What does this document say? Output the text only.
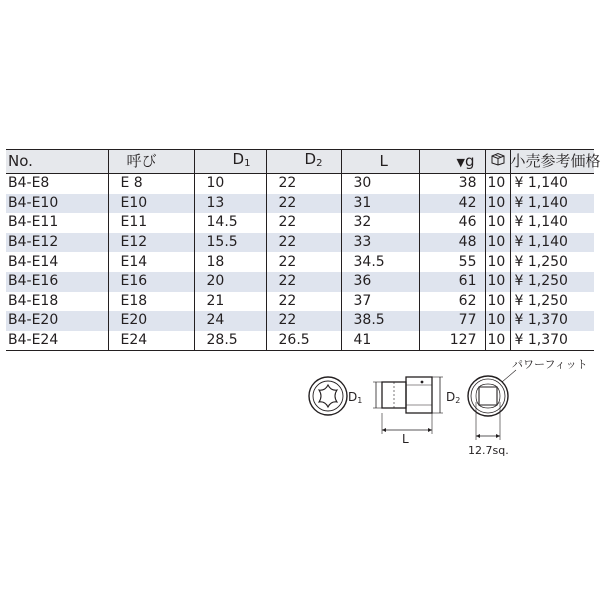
No.	呼び	$D_1$	$D_2$	L	▼g		小売参考価格
B4-E8	E 8	10	22	30	38	10	¥ 1,140
B4-E10	E10	13	22	31	42	10	¥ 1,140
B4-E11	E11	14.5	22	32	46	10	¥ 1,140
B4-E12	E12	15.5	22	33	48	10	¥ 1,140
B4-E14	E14	18	22	34.5	55	10	¥ 1,250
B4-E16	E16	20	22	36	61	10	¥ 1,250
B4-E18	E18	21	22	37	62	10	¥ 1,250
B4-E20	E20	24	22	38.5	77	10	¥ 1,370
B4-E24	E24	28.5	26.5	41	127	10	¥ 1,370
D1
L
D2
パワーフィット
12.7sq.
